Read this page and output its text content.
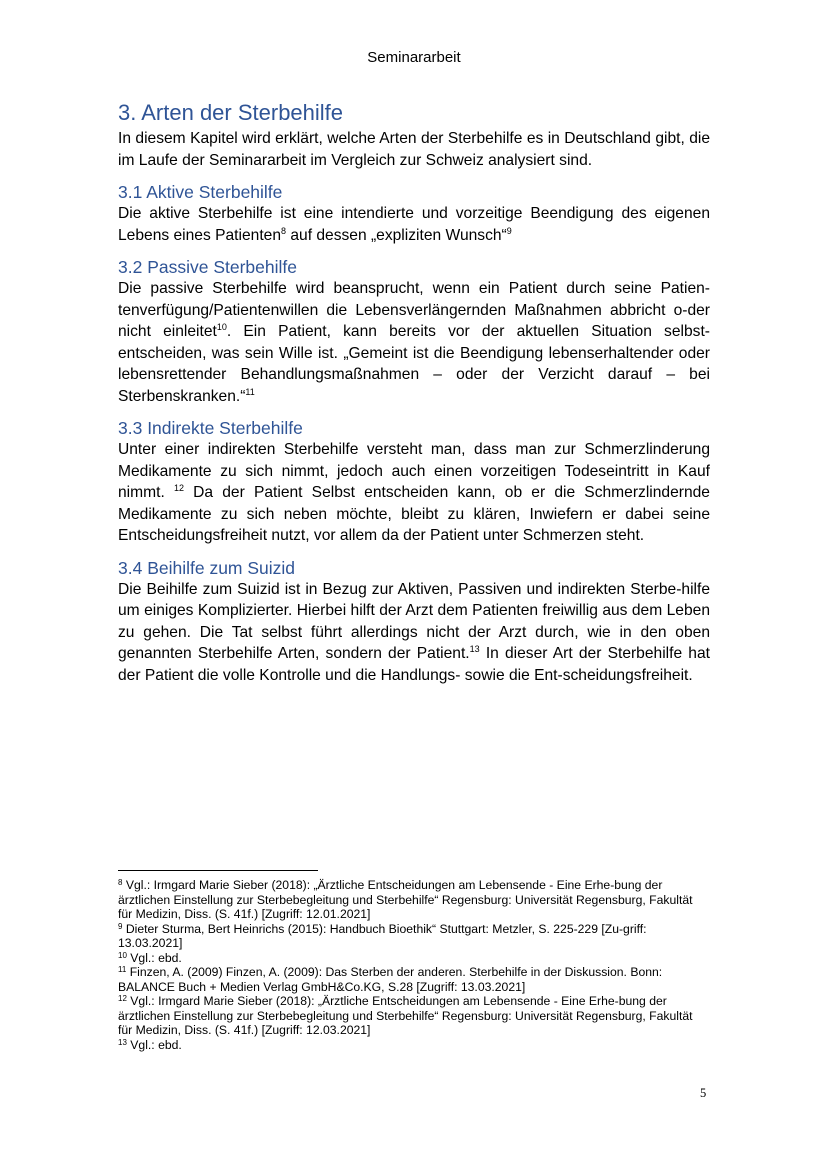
Seminararbeit
3. Arten der Sterbehilfe

In diesem Kapitel wird erklärt, welche Arten der Sterbehilfe es in Deutschland gibt, die im Laufe der Seminararbeit im Vergleich zur Schweiz analysiert sind.

3.1 Aktive Sterbehilfe

Die aktive Sterbehilfe ist eine intendierte und vorzeitige Beendigung des eigenen Lebens eines Patienten$^8$ auf dessen „expliziten Wunsch“$^9$

3.2 Passive Sterbehilfe

Die passive Sterbehilfe wird beansprucht, wenn ein Patient durch seine Patien-tenverfügung/Patientenwillen die Lebensverlängernden Maßnahmen abbricht o-der nicht einleitet$^{10}$. Ein Patient, kann bereits vor der aktuellen Situation selbst-entscheiden, was sein Wille ist. „Gemeint ist die Beendigung lebenserhaltender oder lebensrettender Behandlungsmaßnahmen – oder der Verzicht darauf – bei Sterbenskranken.“$^{11}$

3.3 Indirekte Sterbehilfe

Unter einer indirekten Sterbehilfe versteht man, dass man zur Schmerzlinderung Medikamente zu sich nimmt, jedoch auch einen vorzeitigen Todeseintritt in Kauf nimmt. $^{12}$ Da der Patient Selbst entscheiden kann, ob er die Schmerzlindernde Medikamente zu sich neben möchte, bleibt zu klären, Inwiefern er dabei seine Entscheidungsfreiheit nutzt, vor allem da der Patient unter Schmerzen steht.

3.4 Beihilfe zum Suizid

Die Beihilfe zum Suizid ist in Bezug zur Aktiven, Passiven und indirekten Sterbe-hilfe um einiges Komplizierter. Hierbei hilft der Arzt dem Patienten freiwillig aus dem Leben zu gehen. Die Tat selbst führt allerdings nicht der Arzt durch, wie in den oben genannten Sterbehilfe Arten, sondern der Patient.$^{13}$ In dieser Art der Sterbehilfe hat der Patient die volle Kontrolle und die Handlungs- sowie die Ent-scheidungsfreiheit.

$^8$ Vgl.: Irmgard Marie Sieber (2018): „Ärztliche Entscheidungen am Lebensende - Eine Erhe-bung der ärztlichen Einstellung zur Sterbebegleitung und Sterbehilfe“ Regensburg: Universität Regensburg, Fakultät für Medizin, Diss. (S. 41f.) [Zugriff: 12.01.2021]

$^9$ Dieter Sturma, Bert Heinrichs (2015): Handbuch Bioethik“ Stuttgart: Metzler, S. 225-229 [Zu-griff: 13.03.2021]

$^{10}$ Vgl.: ebd.

$^{11}$ Finzen, A. (2009) Finzen, A. (2009): Das Sterben der anderen. Sterbehilfe in der Diskussion. Bonn: BALANCE Buch + Medien Verlag GmbH&Co.KG, S.28 [Zugriff: 13.03.2021]

$^{12}$ Vgl.: Irmgard Marie Sieber (2018): „Ärztliche Entscheidungen am Lebensende - Eine Erhe-bung der ärztlichen Einstellung zur Sterbebegleitung und Sterbehilfe“ Regensburg: Universität Regensburg, Fakultät für Medizin, Diss. (S. 41f.) [Zugriff: 12.03.2021]

$^{13}$ Vgl.: ebd.

5
